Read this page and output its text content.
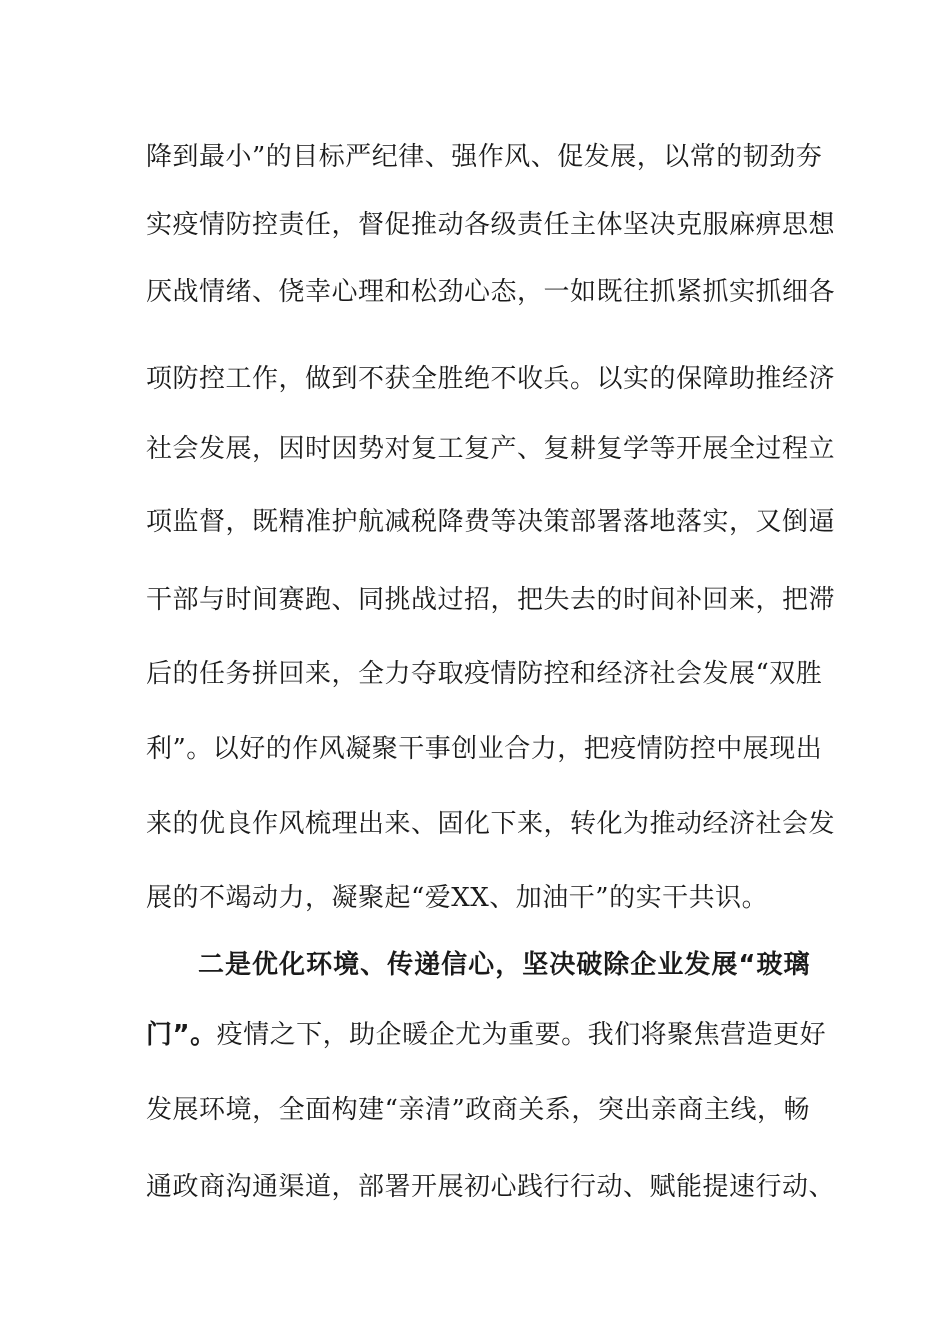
降到最小”的目标严纪律、强作风、促发展，以常的韧劲夯
实疫情防控责任，督促推动各级责任主体坚决克服麻痹思想
厌战情绪、侥幸心理和松劲心态，一如既往抓紧抓实抓细各
项防控工作，做到不获全胜绝不收兵。以实的保障助推经济
社会发展，因时因势对复工复产、复耕复学等开展全过程立
项监督，既精准护航减税降费等决策部署落地落实，又倒逼
干部与时间赛跑、同挑战过招，把失去的时间补回来，把滞
后的任务拼回来，全力夺取疫情防控和经济社会发展“双胜
利”。以好的作风凝聚干事创业合力，把疫情防控中展现出
来的优良作风梳理出来、固化下来，转化为推动经济社会发
展的不竭动力，凝聚起“爱XX、加油干”的实干共识。
二是优化环境、传递信心，坚决破除企业发展“玻璃
门”。疫情之下，助企暖企尤为重要。我们将聚焦营造更好
发展环境，全面构建“亲清”政商关系，突出亲商主线，畅
通政商沟通渠道，部署开展初心践行行动、赋能提速行动、
